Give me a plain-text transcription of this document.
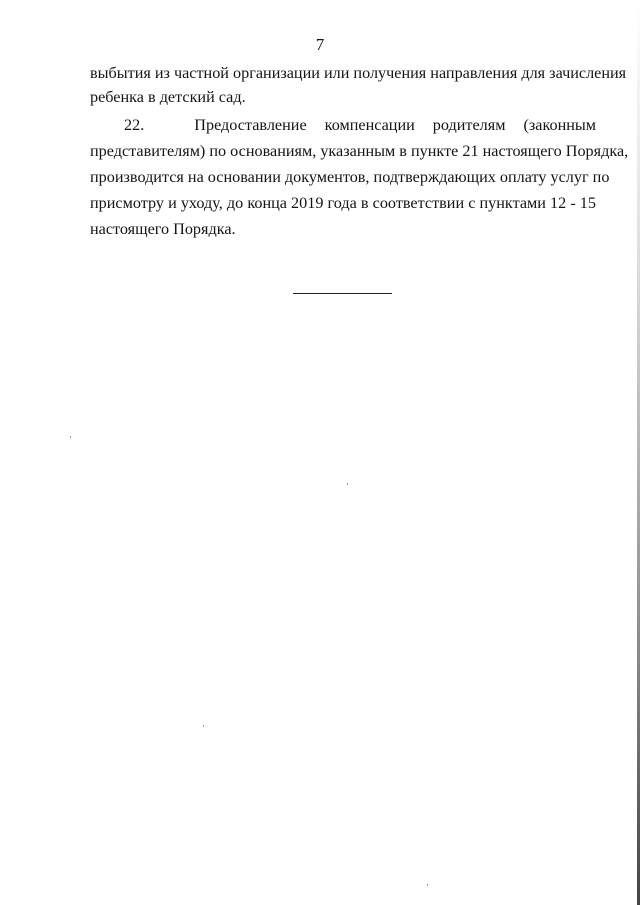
7
выбытия из частной организации или получения направления для зачисления
ребенка в детский сад.
22.	Предоставление компенсации родителям (законным
представителям) по основаниям, указанным в пункте 21 настоящего Порядка,
производится на основании документов, подтверждающих оплату услуг по
присмотру и уходу, до конца 2019 года в соответствии с пунктами 12 - 15
настоящего Порядка.
